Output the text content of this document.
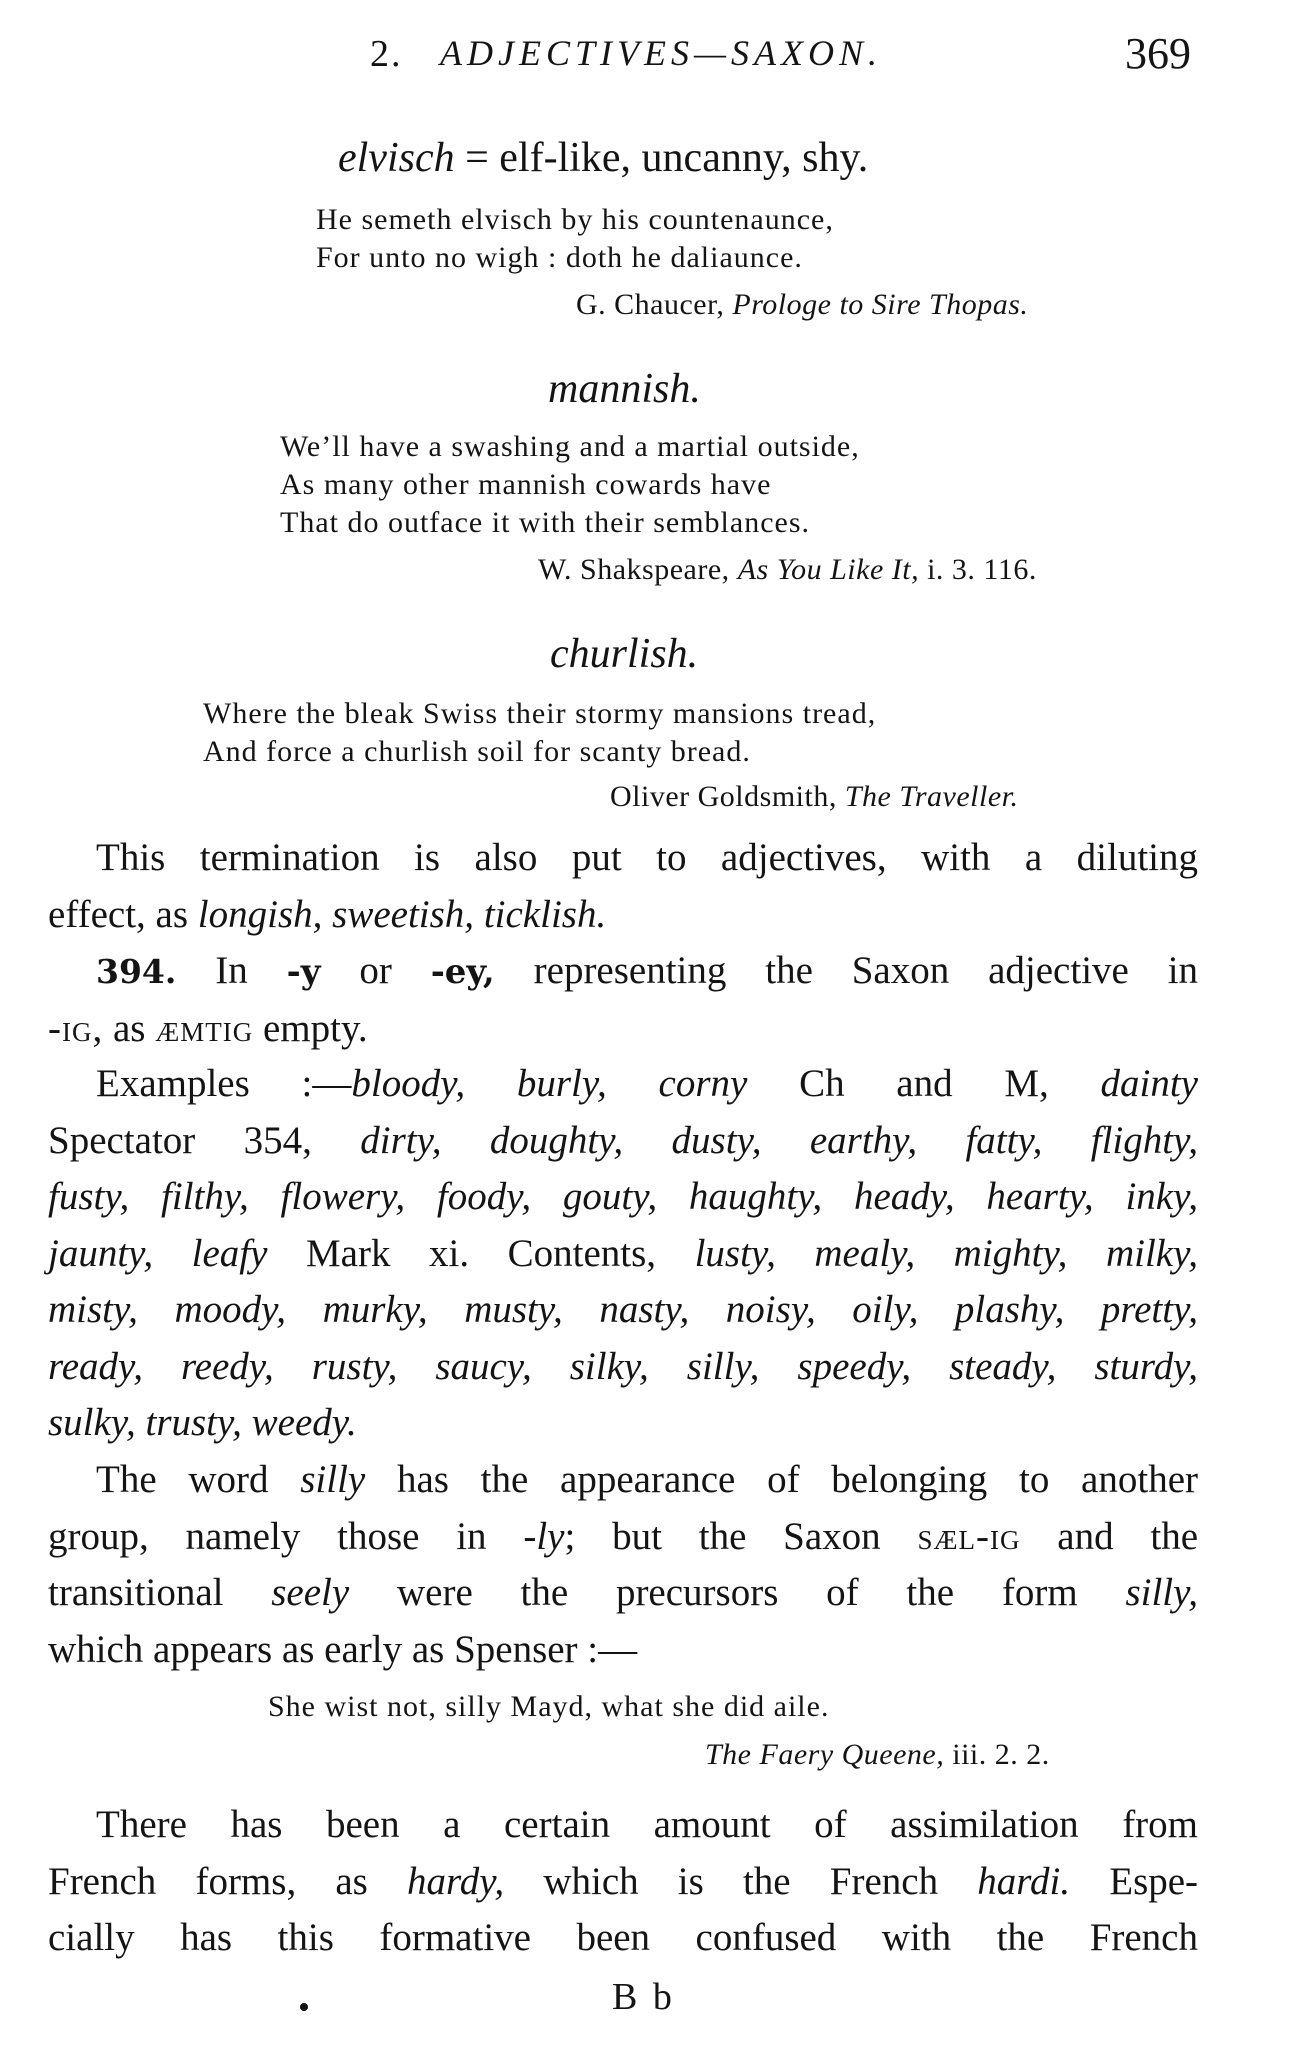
2. ADJECTIVES—SAXON.	369
elvisch = elf-like, uncanny, shy.
He semeth elvisch by his countenaunce,
For unto no wigh : doth he daliaunce.
G. Chaucer, Prologe to Sire Thopas.
mannish.
We’ll have a swashing and a martial outside,
As many other mannish cowards have
That do outface it with their semblances.
W. Shakspeare, As You Like It, i. 3. 116.
churlish.
Where the bleak Swiss their stormy mansions tread,
And force a churlish soil for scanty bread.
Oliver Goldsmith, The Traveller.
This termination is also put to adjectives, with a diluting
effect, as longish, sweetish, ticklish.
394. In -y or -ey, representing the Saxon adjective in
-ig, as æmtig empty.
Examples :—bloody, burly, corny Ch and M, dainty
Spectator 354, dirty, doughty, dusty, earthy, fatty, flighty,
fusty, filthy, flowery, foody, gouty, haughty, heady, hearty, inky,
jaunty, leafy Mark xi. Contents, lusty, mealy, mighty, milky,
misty, moody, murky, musty, nasty, noisy, oily, plashy, pretty,
ready, reedy, rusty, saucy, silky, silly, speedy, steady, sturdy,
sulky, trusty, weedy.
The word silly has the appearance of belonging to another
group, namely those in -ly; but the Saxon sæl-ig and the
transitional seely were the precursors of the form silly,
which appears as early as Spenser :—
She wist not, silly Mayd, what she did aile.
The Faery Queene, iii. 2. 2.
There has been a certain amount of assimilation from
French forms, as hardy, which is the French hardi. Espe-
cially has this formative been confused with the French
B b
